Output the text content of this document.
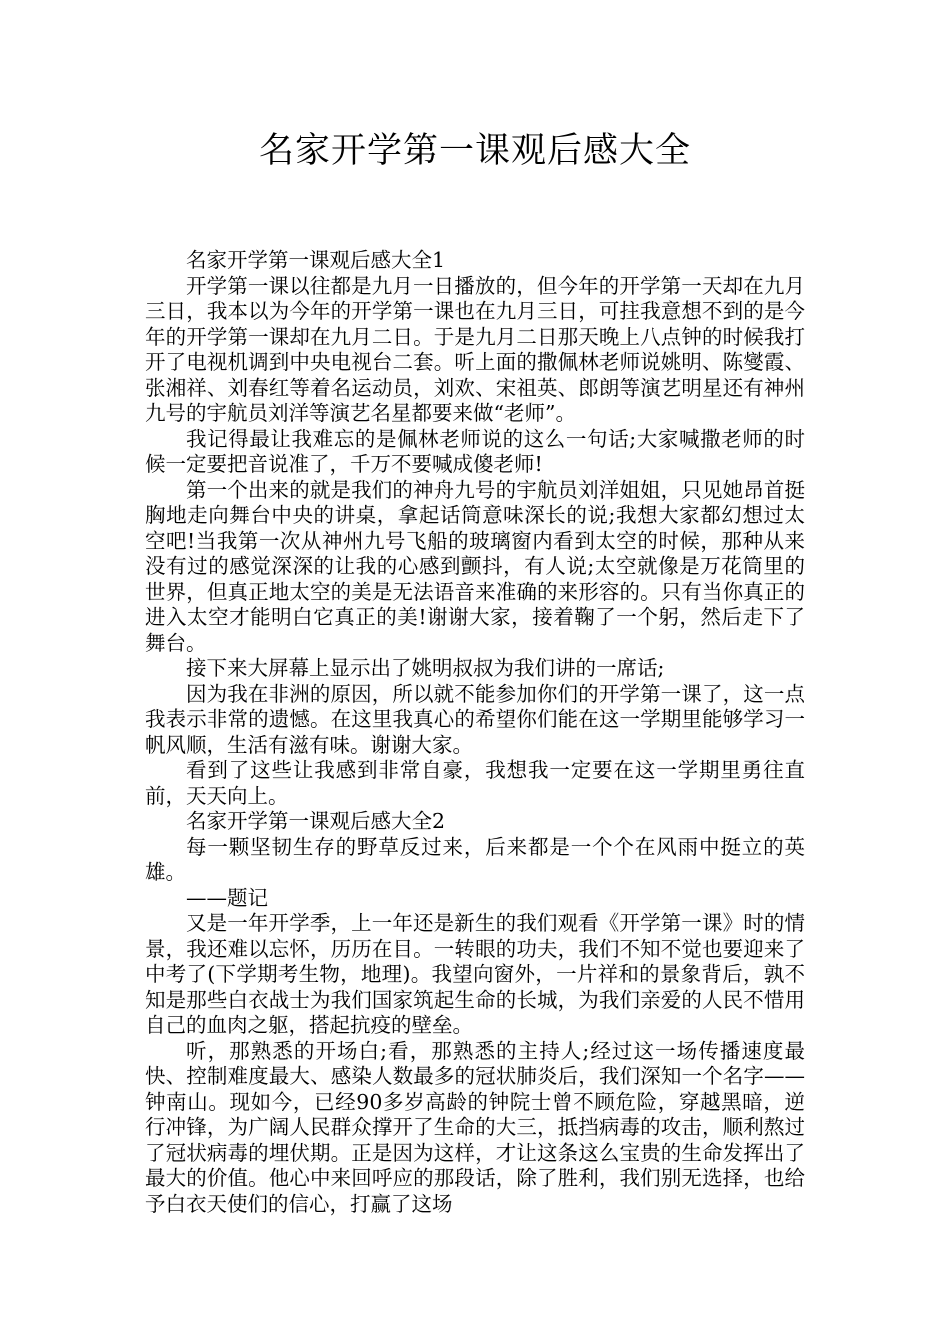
名家开学第一课观后感大全

名家开学第一课观后感大全1

开学第一课以往都是九月一日播放的，但今年的开学第一天却在九月三日，我本以为今年的开学第一课也在九月三日，可拄我意想不到的是今年的开学第一课却在九月二日。于是九月二日那天晚上八点钟的时候我打开了电视机调到中央电视台二套。听上面的撒佩林老师说姚明、陈燮霞、张湘祥、刘春红等着名运动员，刘欢、宋祖英、郎朗等演艺明星还有神州九号的宇航员刘洋等演艺名星都要来做“老师”。

我记得最让我难忘的是佩林老师说的这么一句话;大家喊撒老师的时候一定要把音说准了，千万不要喊成傻老师!

第一个出来的就是我们的神舟九号的宇航员刘洋姐姐，只见她昂首挺胸地走向舞台中央的讲桌，拿起话筒意味深长的说;我想大家都幻想过太空吧!当我第一次从神州九号飞船的玻璃窗内看到太空的时候，那种从来没有过的感觉深深的让我的心感到颤抖，有人说;太空就像是万花筒里的世界，但真正地太空的美是无法语音来准确的来形容的。只有当你真正的进入太空才能明白它真正的美!谢谢大家，接着鞠了一个躬，然后走下了舞台。

接下来大屏幕上显示出了姚明叔叔为我们讲的一席话;

因为我在非洲的原因，所以就不能参加你们的开学第一课了，这一点我表示非常的遗憾。在这里我真心的希望你们能在这一学期里能够学习一帆风顺，生活有滋有味。谢谢大家。

看到了这些让我感到非常自豪，我想我一定要在这一学期里勇往直前，天天向上。

名家开学第一课观后感大全2

每一颗坚韧生存的野草反过来，后来都是一个个在风雨中挺立的英雄。

——题记

又是一年开学季，上一年还是新生的我们观看《开学第一课》时的情景，我还难以忘怀，历历在目。一转眼的功夫，我们不知不觉也要迎来了中考了(下学期考生物，地理)。我望向窗外，一片祥和的景象背后，孰不知是那些白衣战士为我们国家筑起生命的长城，为我们亲爱的人民不惜用自己的血肉之躯，搭起抗疫的壁垒。

听，那熟悉的开场白;看，那熟悉的主持人;经过这一场传播速度最快、控制难度最大、感染人数最多的冠状肺炎后，我们深知一个名字——钟南山。现如今，已经90多岁高龄的钟院士曾不顾危险，穿越黑暗，逆行冲锋，为广阔人民群众撑开了生命的大三，抵挡病毒的攻击，顺利熬过了冠状病毒的埋伏期。正是因为这样，才让这条这么宝贵的生命发挥出了最大的价值。他心中来回呼应的那段话，除了胜利，我们别无选择，也给予白衣天使们的信心，打赢了这场
